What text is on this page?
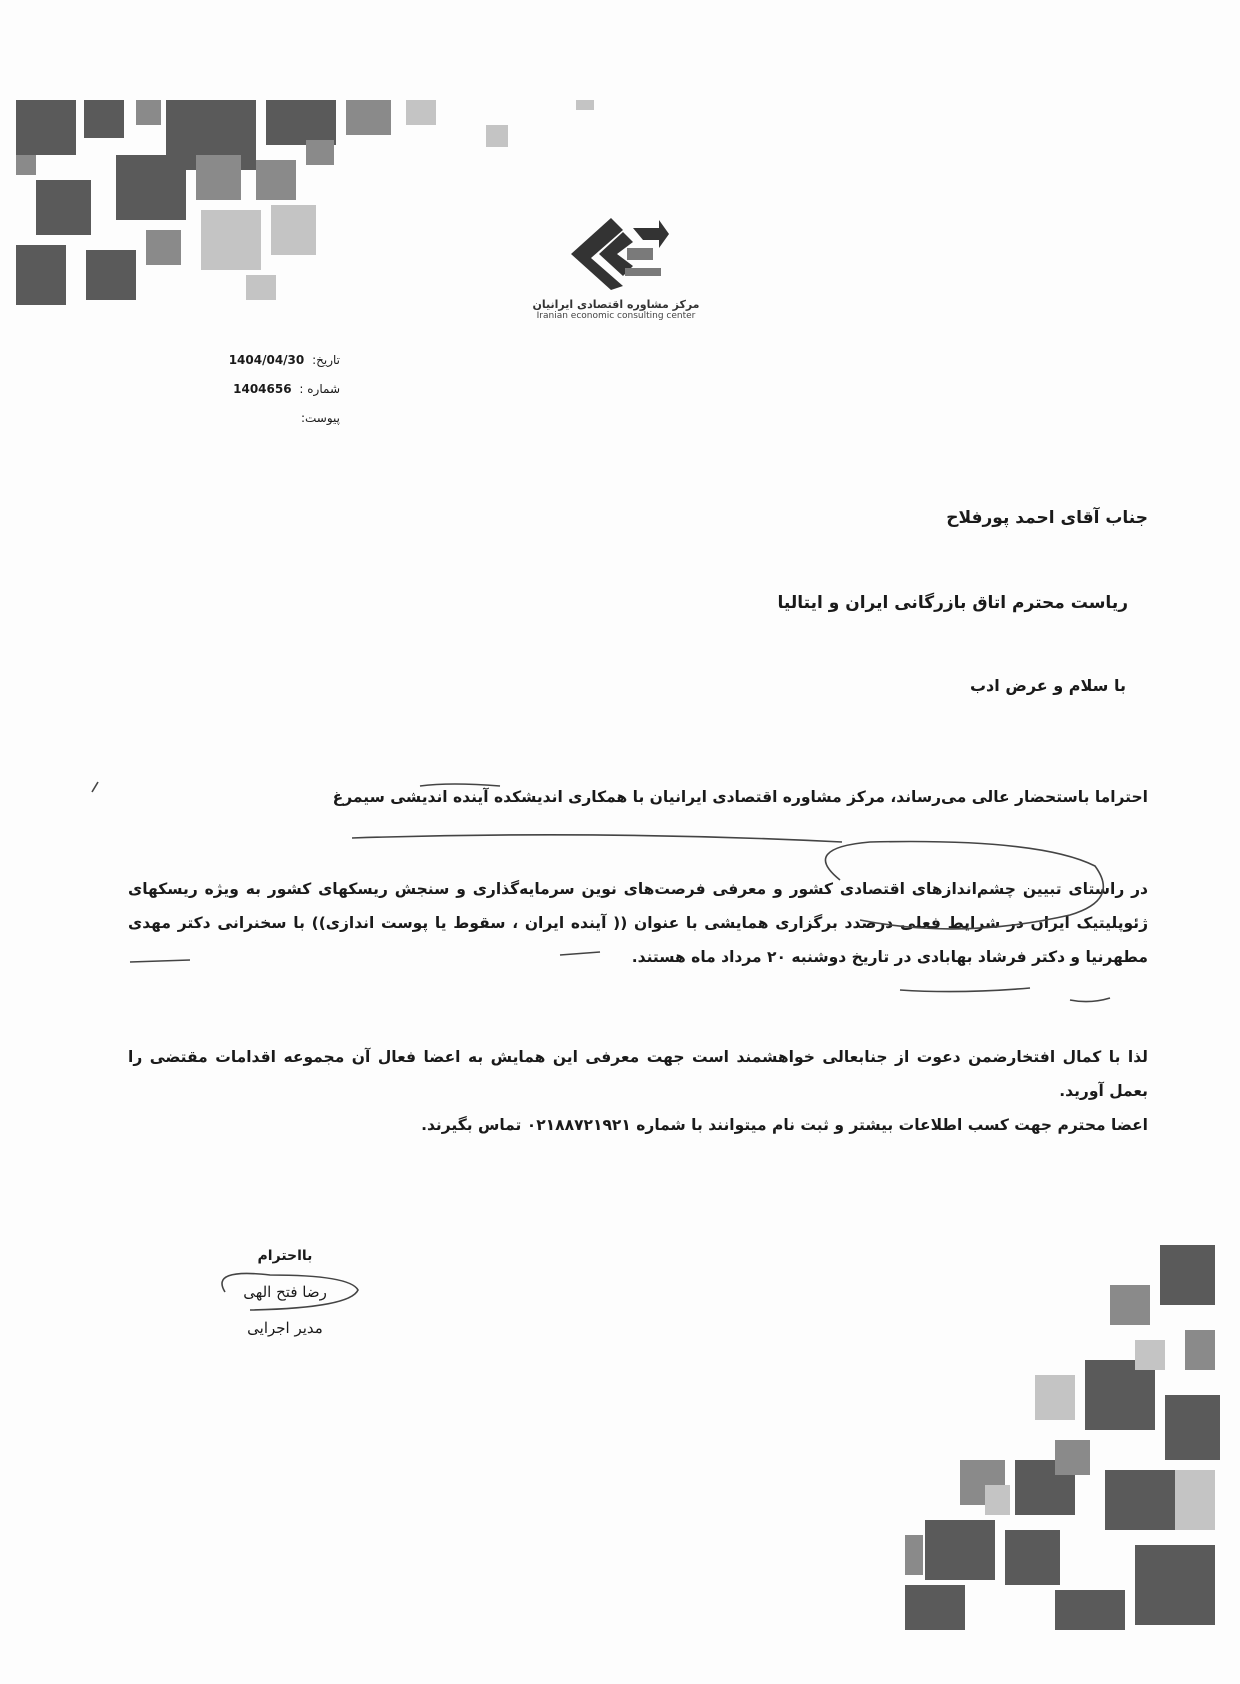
مرکز مشاوره اقتصادی ایرانیان
Iranian economic consulting center
تاریخ: 1404/04/30
شماره : 1404656
پیوست:
جناب آقای احمد پورفلاح
ریاست محترم اتاق بازرگانی ایران و ایتالیا
با سلام و عرض ادب
احتراما باستحضار عالی می‌رساند، مرکز مشاوره اقتصادی ایرانیان با همکاری اندیشکده آینده اندیشی سیمرغ
در راستای تبیین چشم‌اندازهای اقتصادی کشور و معرفی فرصت‌های نوین سرمایه‌گذاری و سنجش ریسکهای کشور به ویژه ریسکهای ژئوپلیتیک ایران در شرایط فعلی درصدد برگزاری همایشی با عنوان (( آینده ایران ، سقوط یا پوست اندازی)) با سخنرانی دکتر مهدی مطهرنیا و دکتر فرشاد بهابادی در تاریخ دوشنبه ۲۰ مرداد ماه هستند.
لذا با کمال افتخارضمن دعوت از جنابعالی خواهشمند است جهت معرفی این همایش به اعضا فعال آن مجموعه اقدامات مقتضی را بعمل آورید.
اعضا محترم جهت کسب اطلاعات بیشتر و ثبت نام میتوانند با شماره ۰۲۱۸۸۷۲۱۹۲۱ تماس بگیرند.
بااحترام
رضا فتح الهی
مدیر اجرایی
